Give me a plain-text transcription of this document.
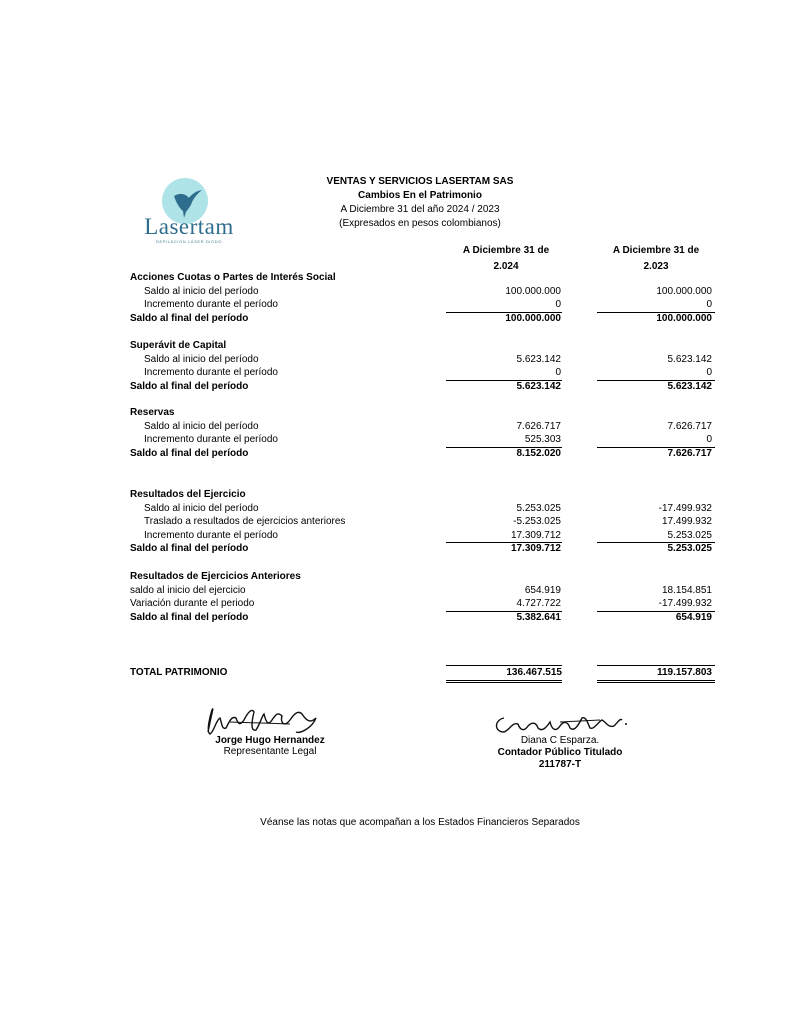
Lasertam
DEPILACIÓN LÁSER DIODO
VENTAS Y SERVICIOS LASERTAM SAS
Cambios En el Patrimonio
A Diciembre 31 del año 2024 / 2023
(Expresados en pesos colombianos)
A Diciembre 31 de
2.024
A Diciembre 31 de
2.023
Acciones Cuotas o Partes de Interés Social
Saldo al inicio del período	100.000.000	100.000.000
Incremento durante el período	0	0
Saldo al final del período	100.000.000	100.000.000
Superávit de Capital
Saldo al inicio del período	5.623.142	5.623.142
Incremento durante el período	0	0
Saldo al final del período	5.623.142	5.623.142
Reservas
Saldo al inicio del período	7.626.717	7.626.717
Incremento durante el período	525.303	0
Saldo al final del período	8.152.020	7.626.717
Resultados del Ejercicio
Saldo al inicio del período	5.253.025	-17.499.932
Traslado a resultados de ejercicios anteriores	-5.253.025	17.499.932
Incremento durante el período	17.309.712	5.253.025
Saldo al final del período	17.309.712	5.253.025
Resultados de Ejercicios Anteriores
saldo al inicio del ejercicio	654.919	18.154.851
Variación durante el periodo	4.727.722	-17.499.932
Saldo al final del período	5.382.641	654.919
TOTAL PATRIMONIO	136.467.515	119.157.803
Jorge Hugo Hernandez
Representante Legal
Diana C Esparza.
Contador Público Titulado
211787-T
Véanse las notas que acompañan a los Estados Financieros Separados
